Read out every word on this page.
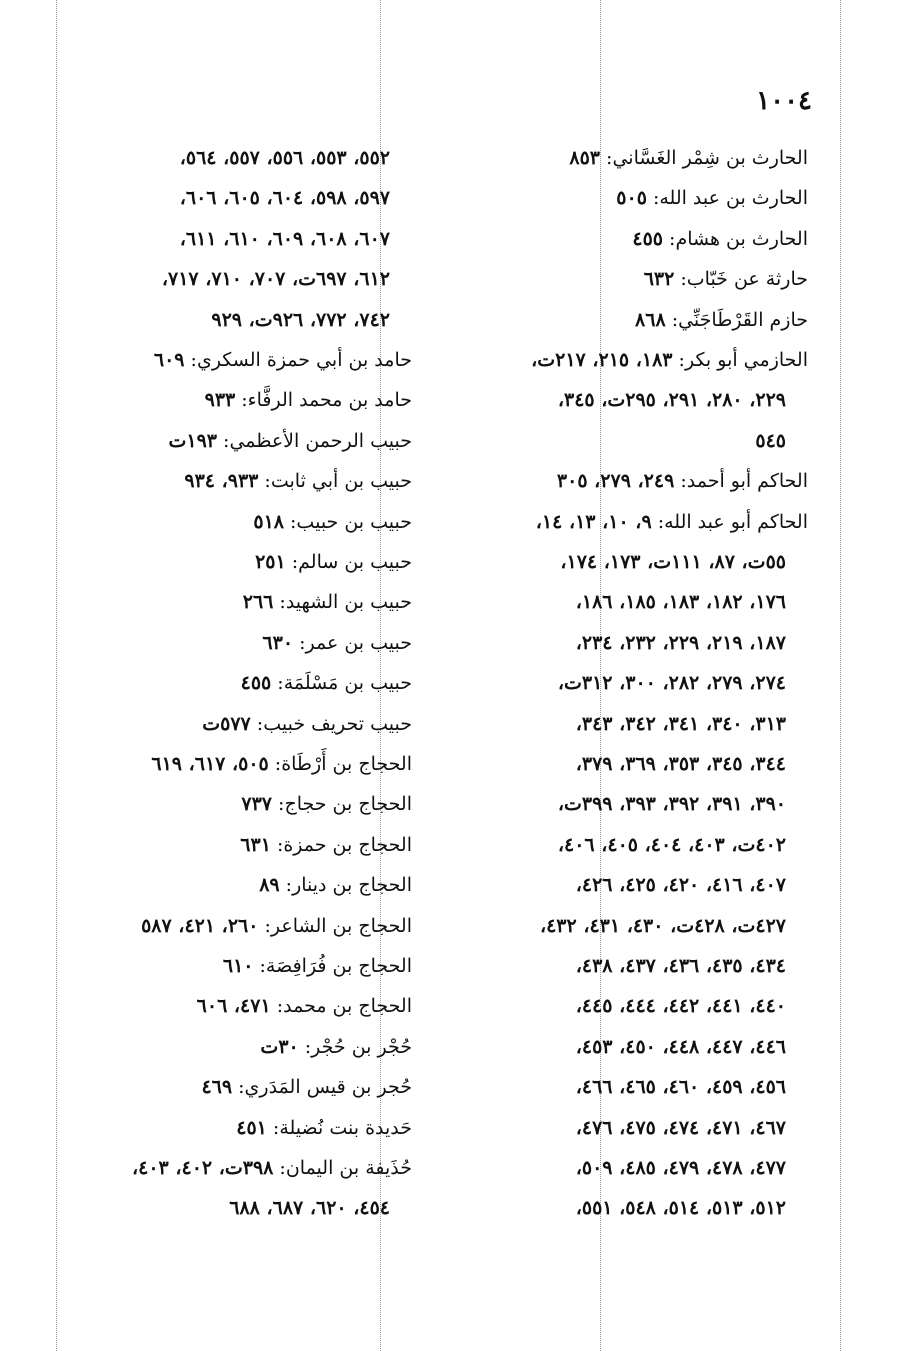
١٠٠٤
الحارث بن شِمْر الغَسَّاني: ٨٥٣
الحارث بن عبد الله: ٥٠٥
الحارث بن هشام: ٤٥٥
حارثة عن خَبّاب: ٦٣٢
حازم القَرْطَاجَنِّي: ٨٦٨
الحازمي أبو بكر: ١٨٣، ٢١٥، ٢١٧ت،
٢٢٩، ٢٨٠، ٢٩١، ٢٩٥ت، ٣٤٥،
٥٤٥
الحاكم أبو أحمد: ٢٤٩، ٢٧٩، ٣٠٥
الحاكم أبو عبد الله: ٩، ١٠، ١٣، ١٤،
٥٥ت، ٨٧، ١١١ت، ١٧٣، ١٧٤،
١٧٦، ١٨٢، ١٨٣، ١٨٥، ١٨٦،
١٨٧، ٢١٩، ٢٢٩، ٢٣٢، ٢٣٤،
٢٧٤، ٢٧٩، ٢٨٢، ٣٠٠، ٣١٢ت،
٣١٣، ٣٤٠، ٣٤١، ٣٤٢، ٣٤٣،
٣٤٤، ٣٤٥، ٣٥٣، ٣٦٩، ٣٧٩،
٣٩٠، ٣٩١، ٣٩٢، ٣٩٣، ٣٩٩ت،
٤٠٢ت، ٤٠٣، ٤٠٤، ٤٠٥، ٤٠٦،
٤٠٧، ٤١٦، ٤٢٠، ٤٢٥، ٤٢٦،
٤٢٧ت، ٤٢٨ت، ٤٣٠، ٤٣١، ٤٣٢،
٤٣٤، ٤٣٥، ٤٣٦، ٤٣٧، ٤٣٨،
٤٤٠، ٤٤١، ٤٤٢، ٤٤٤، ٤٤٥،
٤٤٦، ٤٤٧، ٤٤٨، ٤٥٠، ٤٥٣،
٤٥٦، ٤٥٩، ٤٦٠، ٤٦٥، ٤٦٦،
٤٦٧، ٤٧١، ٤٧٤، ٤٧٥، ٤٧٦،
٤٧٧، ٤٧٨، ٤٧٩، ٤٨٥، ٥٠٩،
٥١٢، ٥١٣، ٥١٤، ٥٤٨، ٥٥١،
٥٥٢، ٥٥٣، ٥٥٦، ٥٥٧، ٥٦٤،
٥٩٧، ٥٩٨، ٦٠٤، ٦٠٥، ٦٠٦،
٦٠٧، ٦٠٨، ٦٠٩، ٦١٠، ٦١١،
٦١٢، ٦٩٧ت، ٧٠٧، ٧١٠، ٧١٧،
٧٤٢، ٧٧٢، ٩٢٦ت، ٩٢٩
حامد بن أبي حمزة السكري: ٦٠٩
حامد بن محمد الرفَّاء: ٩٣٣
حبيب الرحمن الأعظمي: ١٩٣ت
حبيب بن أبي ثابت: ٩٣٣، ٩٣٤
حبيب بن حبيب: ٥١٨
حبيب بن سالم: ٢٥١
حبيب بن الشهيد: ٢٦٦
حبيب بن عمر: ٦٣٠
حبيب بن مَسْلَمَة: ٤٥٥
حبيب تحريف خبيب: ٥٧٧ت
الحجاج بن أَرْطَاة: ٥٠٥، ٦١٧، ٦١٩
الحجاج بن حجاج: ٧٣٧
الحجاج بن حمزة: ٦٣١
الحجاج بن دينار: ٨٩
الحجاج بن الشاعر: ٢٦٠، ٤٢١، ٥٨٧
الحجاج بن فُرَافِصَة: ٦١٠
الحجاج بن محمد: ٤٧١، ٦٠٦
حُجْر بن حُجْر: ٣٠ت
حُجر بن قيس المَدَري: ٤٦٩
حَديدة بنت نُضيلة: ٤٥١
حُذَيفة بن اليمان: ٣٩٨ت، ٤٠٢، ٤٠٣،
٤٥٤، ٦٢٠، ٦٨٧، ٦٨٨
